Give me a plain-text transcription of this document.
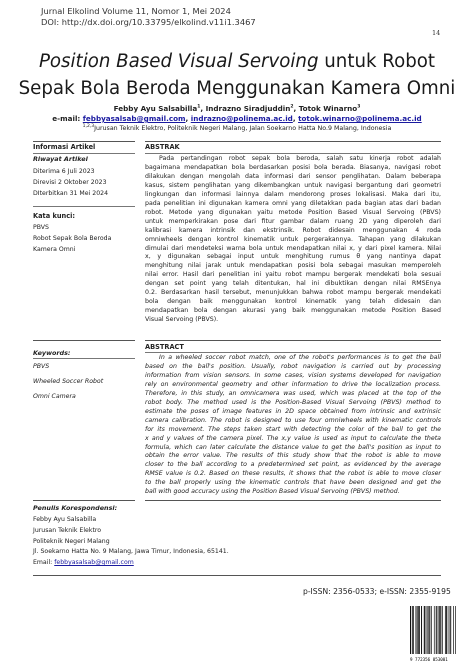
Jurnal Elkolind Volume 11, Nomor 1, Mei 2024
DOI: http://dx.doi.org/10.33795/elkolind.v11i1.3467
14
Position Based Visual Servoing untuk Robot
Sepak Bola Beroda Menggunakan Kamera Omni
Febby Ayu Salsabilla$^1$, Indrazno Siradjuddin$^2$, Totok Winarno$^3$
e-mail: febbyasalsab@gmail.com, indrazno@polinema.ac.id, totok.winarno@polinema.ac.id
$^{1,2,3}$Jurusan Teknik Elektro, Politeknik Negeri Malang, Jalan Soekarno Hatta No.9 Malang, Indonesia
Informasi Artikel
Riwayat Artikel
Diterima 6 Juli 2023
Direvisi 2 Oktober 2023
DIterbitkan 31 Mei 2024
Kata kunci:
PBVS
Robot Sepak Bola Beroda
Kamera Omni
ABSTRAK
Pada pertandingan robot sepak bola beroda, salah satu kinerja robot adalah
bagaimana mendapatkan bola berdasarkan posisi bola berada. Biasanya, navigasi robot
dilakukan dengan mengolah data informasi dari sensor penglihatan. Dalam beberapa
kasus, sistem penglihatan yang dikembangkan untuk navigasi bergantung dari geometri
lingkungan dan informasi lainnya dalam mendorong proses lokalisasi. Maka dari itu,
pada penelitian ini digunakan kamera omni yang diletakkan pada bagian atas dari badan
robot. Metode yang digunakan yaitu metode Position Based Visual Servoing (PBVS)
untuk memperkirakan pose dari fitur gambar dalam ruang 2D yang diperoleh dari
kalibrasi kamera intrinsik dan ekstrinsik. Robot didesain menggunakan 4 roda
omniwheels dengan kontrol kinematik untuk pergerakannya. Tahapan yang dilakukan
dimulai dari mendeteksi warna bola untuk mendapatkan nilai x, y dari pixel kamera. Nilai
x, y digunakan sebagai input untuk menghitung rumus θ yang nantinya dapat
menghitung nilai jarak untuk mendapatkan posisi bola sebagai masukan memperoleh
nilai error. Hasil dari penelitian ini yaitu robot mampu bergerak mendekati bola sesuai
dengan set point yang telah ditentukan, hal ini dibuktikan dengan nilai RMSEnya
0.2. Berdasarkan hasil tersebut, menunjukkan bahwa robot mampu bergerak mendekati
bola dengan baik menggunakan kontrol kinematik yang telah didesain dan
mendapatkan bola dengan akurasi yang baik menggunakan metode Position Based
Visual Servoing (PBVS).
Keywords:
PBVS
Wheeled Soccer Robot
Omni Camera
ABSTRACT
In a wheeled soccer robot match, one of the robot's performances is to get the ball
based on the ball's position. Usually, robot navigation is carried out by processing
information from vision sensors. In some cases, vision systems developed for navigation
rely on environmental geometry and other information to drive the localization process.
Therefore, in this study, an omnicamera was used, which was placed at the top of the
robot body. The method used is the Position-Based Visual Servoing (PBVS) method to
estimate the poses of image features in 2D space obtained from intrinsic and extrinsic
camera calibration. The robot is designed to use four omniwheels with kinematic controls
for its movement. The steps taken start with detecting the color of the ball to get the
x and y values of the camera pixel. The x,y value is used as input to calculate the theta
formula, which can later calculate the distance value to get the ball's position as input to
obtain the error value. The results of this study show that the robot is able to move
closer to the ball according to a predetermined set point, as evidenced by the average
RMSE value is 0.2. Based on these results, it shows that the robot is able to move closer
to the ball properly using the kinematic controls that have been designed and get the
ball with good accuracy using the Position Based Visual Servoing (PBVS) method.
Penulis Korespondensi:
Febby Ayu Salsabilla
Jurusan Teknik Elektro
Politeknik Negeri Malang
Jl. Soekarno Hatta No. 9 Malang, Jawa Timur, Indonesia, 65141.
Email: febbyasalsab@gmail.com
p-ISSN: 2356-0533; e-ISSN: 2355-9195
9 772356 053001
